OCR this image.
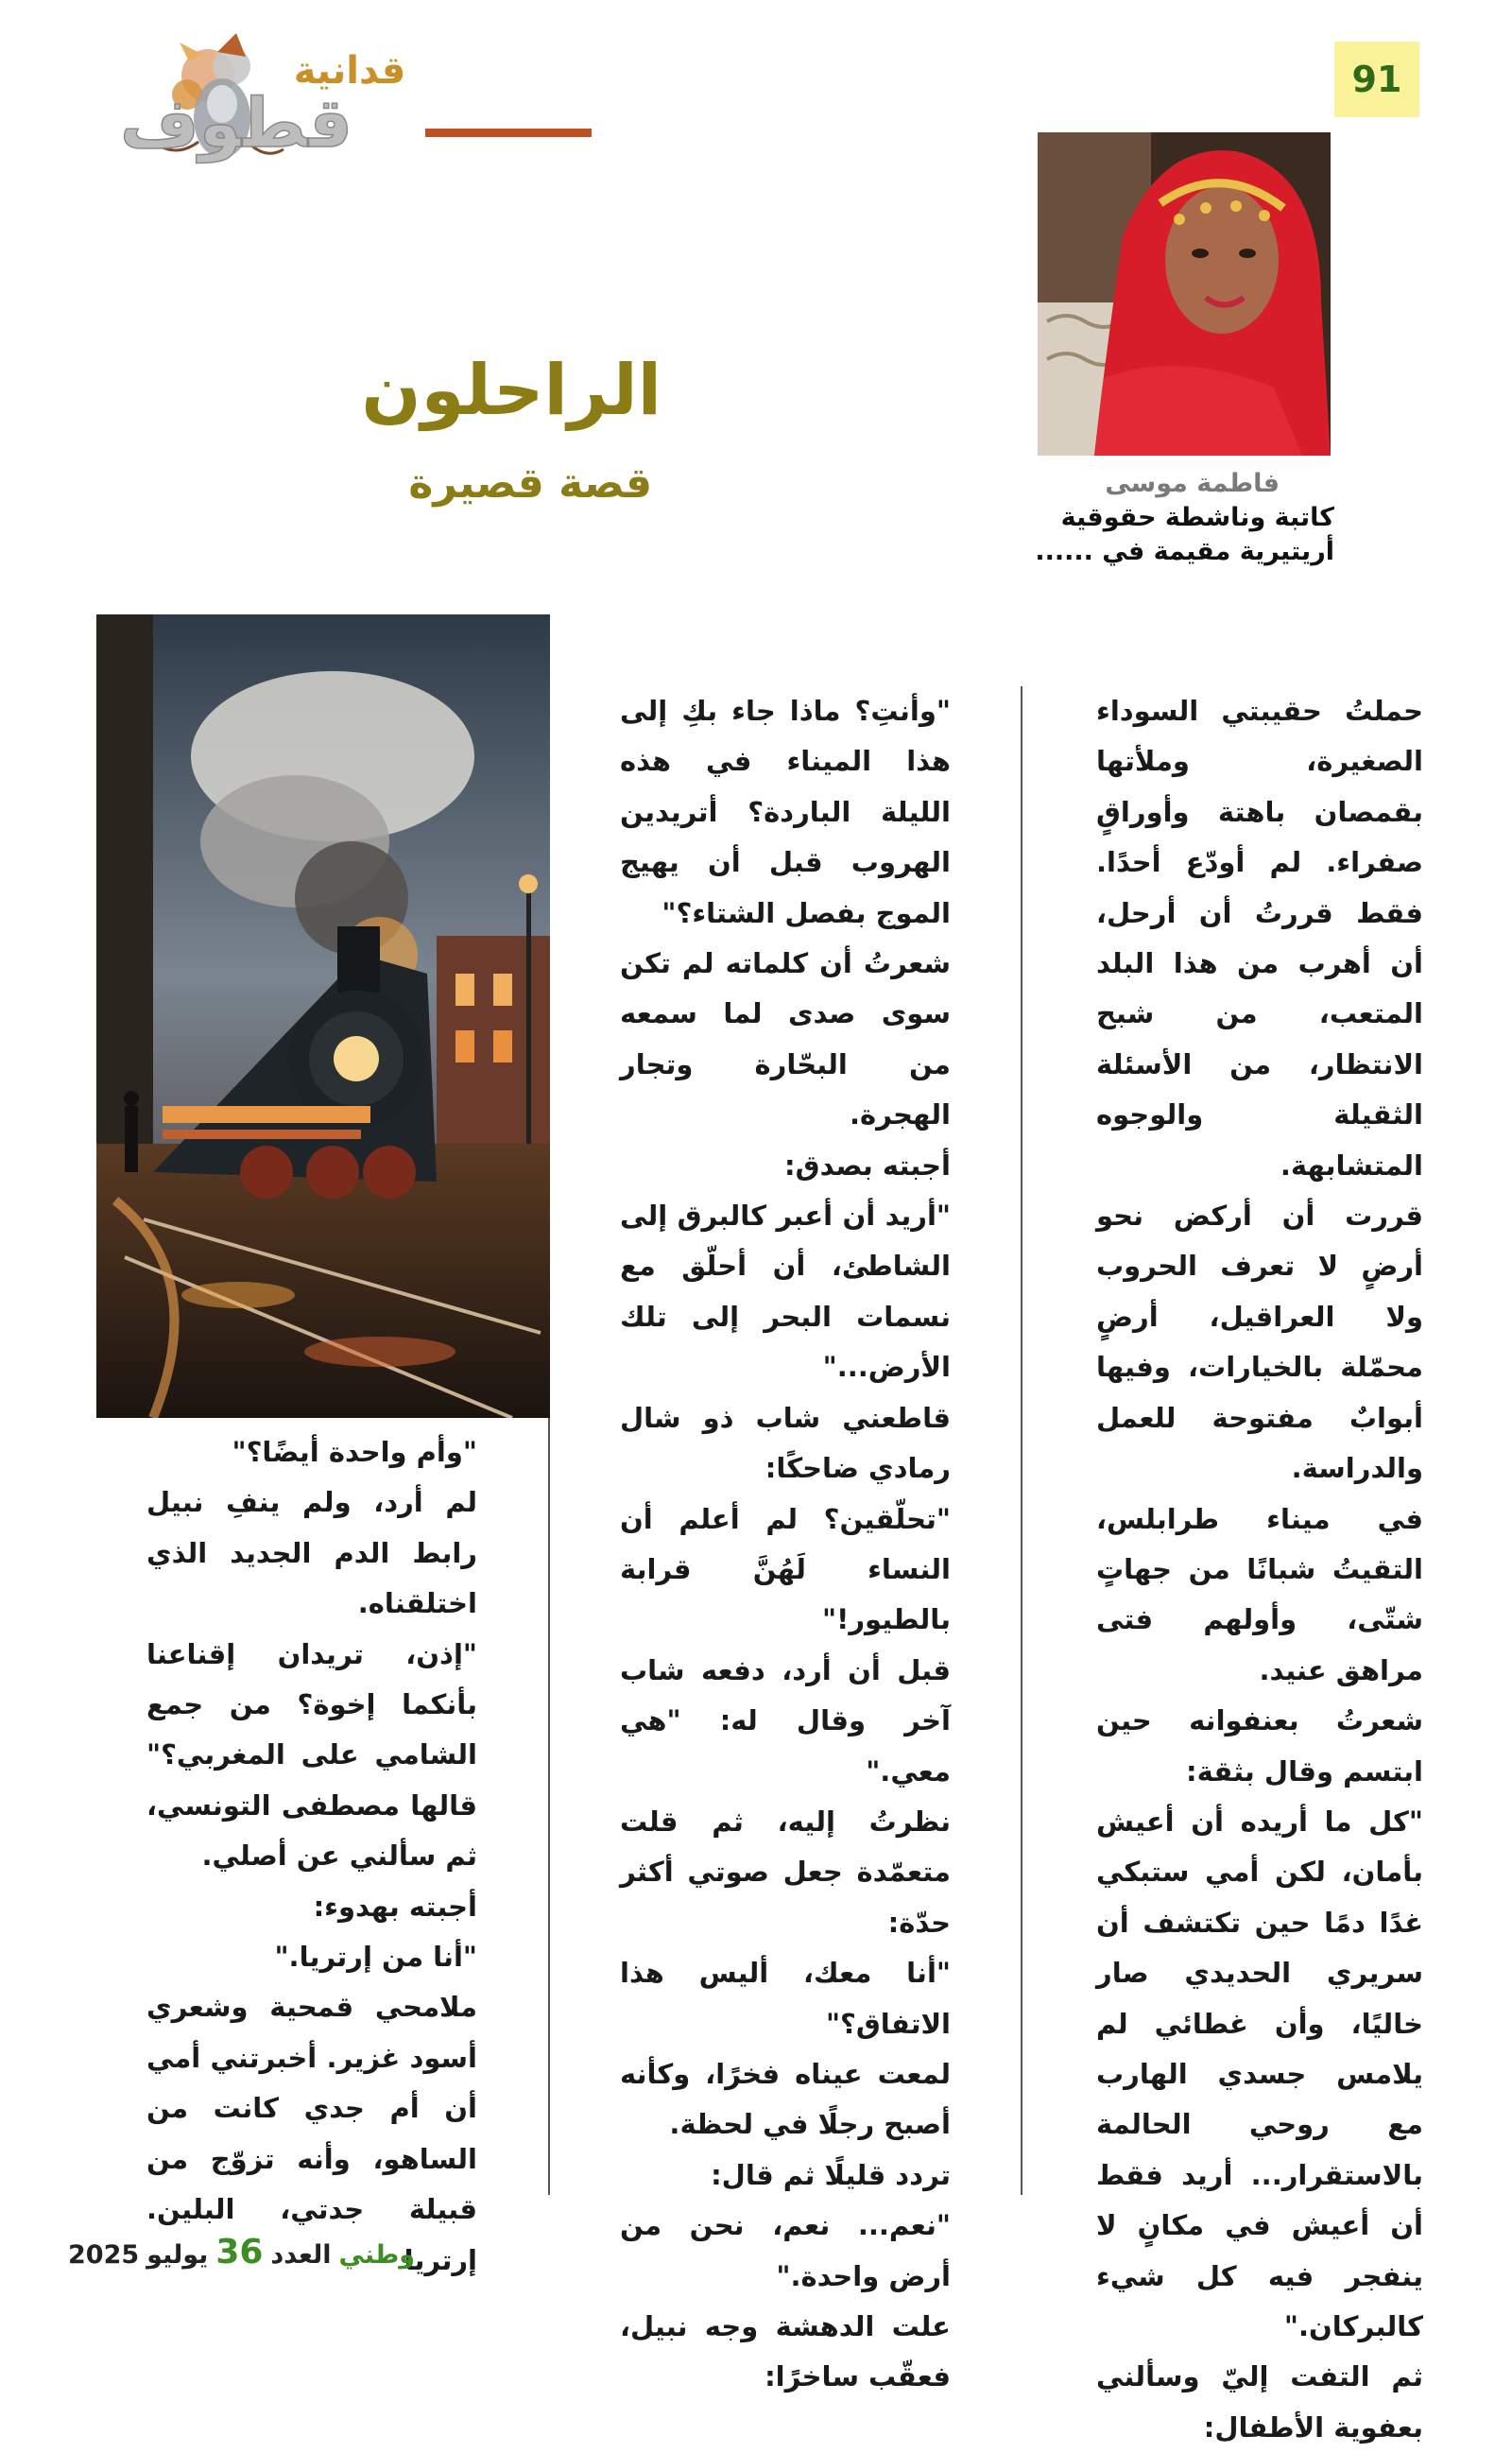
91
قدانية
قطوف
فاطمة موسى
كاتبة وناشطة حقوقية
أريتيرية مقيمة في ......
الراحلون
قصة قصيرة

حملتُ حقيبتي السوداء الصغيرة، وملأتها بقمصان باهتة وأوراقٍ صفراء. لم أودّع أحدًا. فقط قررتُ أن أرحل، أن أهرب من هذا البلد المتعب، من شبح الانتظار، من الأسئلة الثقيلة والوجوه المتشابهة.

قررت أن أركض نحو أرضٍ لا تعرف الحروب ولا العراقيل، أرضٍ محمّلة بالخيارات، وفيها أبوابٌ مفتوحة للعمل والدراسة.

في ميناء طرابلس، التقيتُ شبانًا من جهاتٍ شتّى، وأولهم فتى مراهق عنيد.

شعرتُ بعنفوانه حين ابتسم وقال بثقة:

"كل ما أريده أن أعيش بأمان، لكن أمي ستبكي غدًا دمًا حين تكتشف أن سريري الحديدي صار خاليًا، وأن غطائي لم يلامس جسدي الهارب مع روحي الحالمة بالاستقرار... أريد فقط أن أعيش في مكانٍ لا ينفجر فيه كل شيء كالبركان."

ثم التفت إليّ وسألني بعفوية الأطفال:

"وأنتِ؟ ماذا جاء بكِ إلى هذا الميناء في هذه الليلة الباردة؟ أتريدين الهروب قبل أن يهيج الموج بفصل الشتاء؟"

شعرتُ أن كلماته لم تكن سوى صدى لما سمعه من البحّارة وتجار الهجرة.

أجبته بصدق:

"أريد أن أعبر كالبرق إلى الشاطئ، أن أحلّق مع نسمات البحر إلى تلك الأرض..."

قاطعني شاب ذو شال رمادي ضاحكًا:

"تحلّقين؟ لم أعلم أن النساء لَهُنَّ قرابة بالطيور!"

قبل أن أرد، دفعه شاب آخر وقال له: "هي معي."

نظرتُ إليه، ثم قلت متعمّدة جعل صوتي أكثر حدّة:

"أنا معك، أليس هذا الاتفاق؟"

لمعت عيناه فخرًا، وكأنه أصبح رجلًا في لحظة.

تردد قليلًا ثم قال:

"نعم... نعم، نحن من أرض واحدة."

علت الدهشة وجه نبيل، فعقّب ساخرًا:

"وأم واحدة أيضًا؟"

لم أرد، ولم ينفِ نبيل رابط الدم الجديد الذي اختلقناه.

"إذن، تريدان إقناعنا بأنكما إخوة؟ من جمع الشامي على المغربي؟" قالها مصطفى التونسي، ثم سألني عن أصلي.

أجبته بهدوء:

"أنا من إرتريا."

ملامحي قمحية وشعري أسود غزير. أخبرتني أمي أن أم جدي كانت من الساهو، وأنه تزوّج من قبيلة جدتي، البلين. إرتريا

وطني
العدد
36
يوليو
2025
